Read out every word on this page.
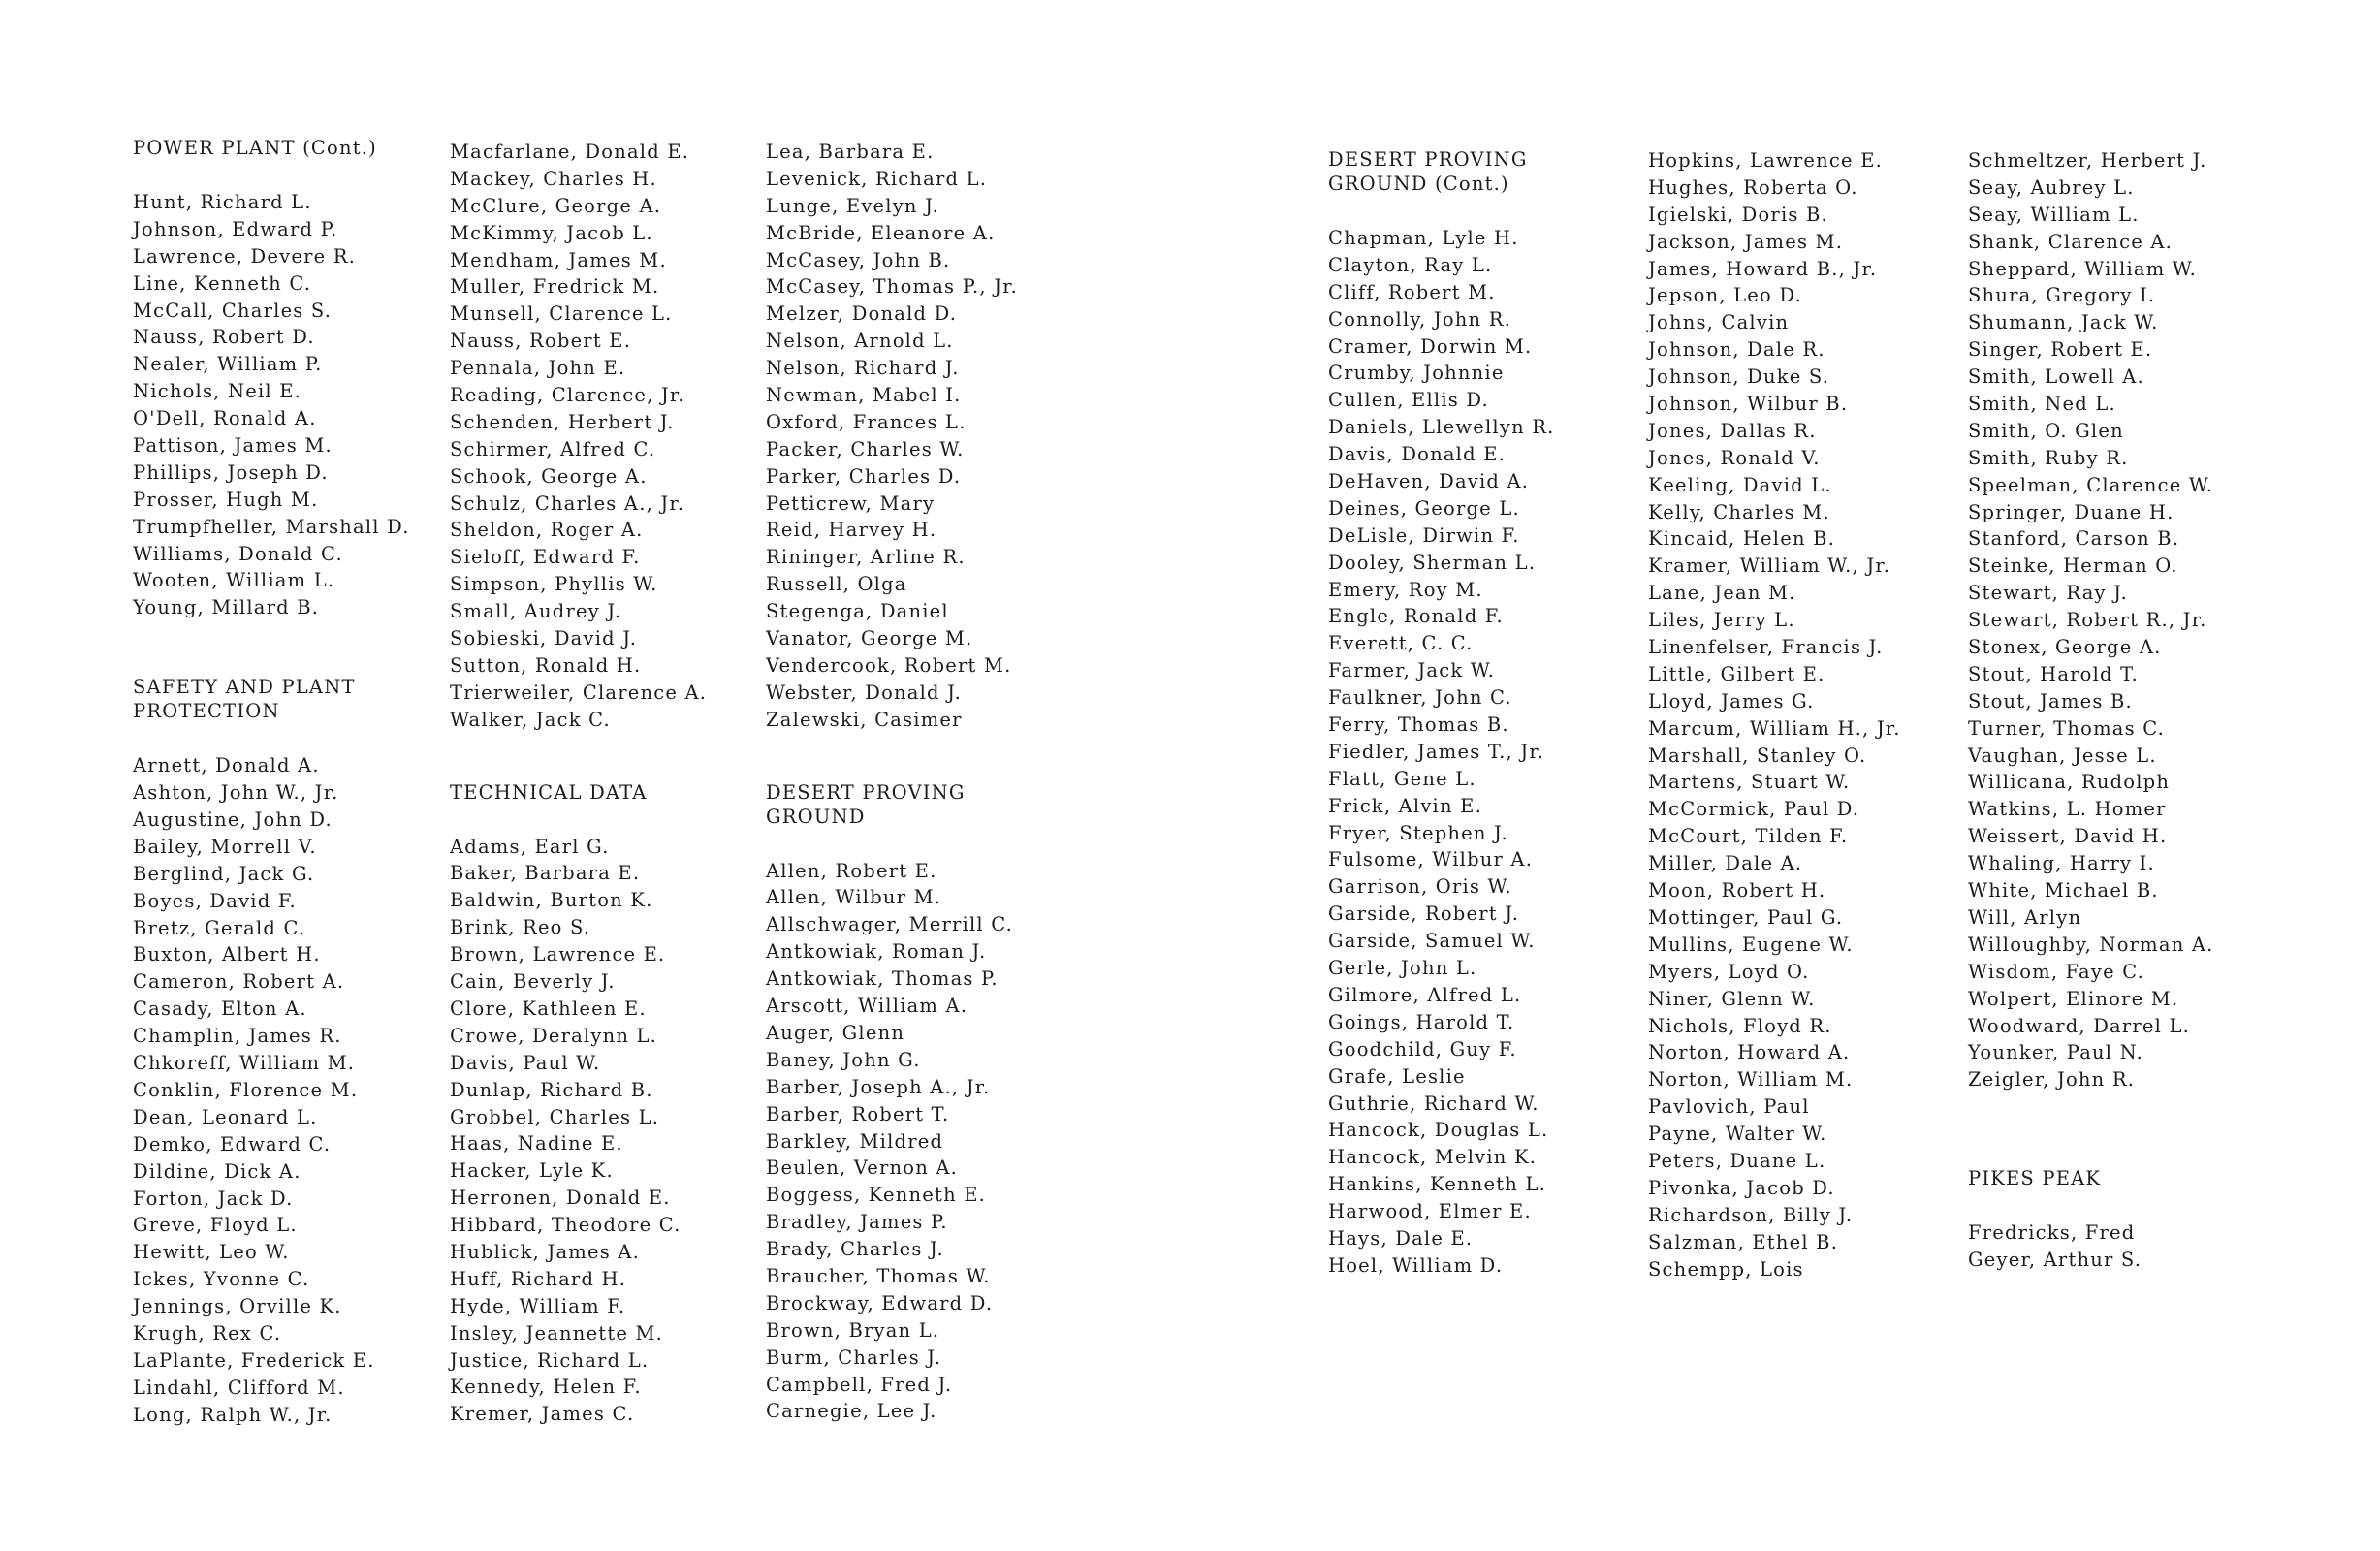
POWER PLANT (Cont.)
Hunt, Richard L.
Johnson, Edward P.
Lawrence, Devere R.
Line, Kenneth C.
McCall, Charles S.
Nauss, Robert D.
Nealer, William P.
Nichols, Neil E.
O'Dell, Ronald A.
Pattison, James M.
Phillips, Joseph D.
Prosser, Hugh M.
Trumpfheller, Marshall D.
Williams, Donald C.
Wooten, William L.
Young, Millard B.
SAFETY AND PLANT
PROTECTION
Arnett, Donald A.
Ashton, John W., Jr.
Augustine, John D.
Bailey, Morrell V.
Berglind, Jack G.
Boyes, David F.
Bretz, Gerald C.
Buxton, Albert H.
Cameron, Robert A.
Casady, Elton A.
Champlin, James R.
Chkoreff, William M.
Conklin, Florence M.
Dean, Leonard L.
Demko, Edward C.
Dildine, Dick A.
Forton, Jack D.
Greve, Floyd L.
Hewitt, Leo W.
Ickes, Yvonne C.
Jennings, Orville K.
Krugh, Rex C.
LaPlante, Frederick E.
Lindahl, Clifford M.
Long, Ralph W., Jr.
Macfarlane, Donald E.
Mackey, Charles H.
McClure, George A.
McKimmy, Jacob L.
Mendham, James M.
Muller, Fredrick M.
Munsell, Clarence L.
Nauss, Robert E.
Pennala, John E.
Reading, Clarence, Jr.
Schenden, Herbert J.
Schirmer, Alfred C.
Schook, George A.
Schulz, Charles A., Jr.
Sheldon, Roger A.
Sieloff, Edward F.
Simpson, Phyllis W.
Small, Audrey J.
Sobieski, David J.
Sutton, Ronald H.
Trierweiler, Clarence A.
Walker, Jack C.
TECHNICAL DATA
Adams, Earl G.
Baker, Barbara E.
Baldwin, Burton K.
Brink, Reo S.
Brown, Lawrence E.
Cain, Beverly J.
Clore, Kathleen E.
Crowe, Deralynn L.
Davis, Paul W.
Dunlap, Richard B.
Grobbel, Charles L.
Haas, Nadine E.
Hacker, Lyle K.
Herronen, Donald E.
Hibbard, Theodore C.
Hublick, James A.
Huff, Richard H.
Hyde, William F.
Insley, Jeannette M.
Justice, Richard L.
Kennedy, Helen F.
Kremer, James C.
Lea, Barbara E.
Levenick, Richard L.
Lunge, Evelyn J.
McBride, Eleanore A.
McCasey, John B.
McCasey, Thomas P., Jr.
Melzer, Donald D.
Nelson, Arnold L.
Nelson, Richard J.
Newman, Mabel I.
Oxford, Frances L.
Packer, Charles W.
Parker, Charles D.
Petticrew, Mary
Reid, Harvey H.
Rininger, Arline R.
Russell, Olga
Stegenga, Daniel
Vanator, George M.
Vendercook, Robert M.
Webster, Donald J.
Zalewski, Casimer
DESERT PROVING
GROUND
Allen, Robert E.
Allen, Wilbur M.
Allschwager, Merrill C.
Antkowiak, Roman J.
Antkowiak, Thomas P.
Arscott, William A.
Auger, Glenn
Baney, John G.
Barber, Joseph A., Jr.
Barber, Robert T.
Barkley, Mildred
Beulen, Vernon A.
Boggess, Kenneth E.
Bradley, James P.
Brady, Charles J.
Braucher, Thomas W.
Brockway, Edward D.
Brown, Bryan L.
Burm, Charles J.
Campbell, Fred J.
Carnegie, Lee J.
DESERT PROVING
GROUND (Cont.)
Chapman, Lyle H.
Clayton, Ray L.
Cliff, Robert M.
Connolly, John R.
Cramer, Dorwin M.
Crumby, Johnnie
Cullen, Ellis D.
Daniels, Llewellyn R.
Davis, Donald E.
DeHaven, David A.
Deines, George L.
DeLisle, Dirwin F.
Dooley, Sherman L.
Emery, Roy M.
Engle, Ronald F.
Everett, C. C.
Farmer, Jack W.
Faulkner, John C.
Ferry, Thomas B.
Fiedler, James T., Jr.
Flatt, Gene L.
Frick, Alvin E.
Fryer, Stephen J.
Fulsome, Wilbur A.
Garrison, Oris W.
Garside, Robert J.
Garside, Samuel W.
Gerle, John L.
Gilmore, Alfred L.
Goings, Harold T.
Goodchild, Guy F.
Grafe, Leslie
Guthrie, Richard W.
Hancock, Douglas L.
Hancock, Melvin K.
Hankins, Kenneth L.
Harwood, Elmer E.
Hays, Dale E.
Hoel, William D.
Hopkins, Lawrence E.
Hughes, Roberta O.
Igielski, Doris B.
Jackson, James M.
James, Howard B., Jr.
Jepson, Leo D.
Johns, Calvin
Johnson, Dale R.
Johnson, Duke S.
Johnson, Wilbur B.
Jones, Dallas R.
Jones, Ronald V.
Keeling, David L.
Kelly, Charles M.
Kincaid, Helen B.
Kramer, William W., Jr.
Lane, Jean M.
Liles, Jerry L.
Linenfelser, Francis J.
Little, Gilbert E.
Lloyd, James G.
Marcum, William H., Jr.
Marshall, Stanley O.
Martens, Stuart W.
McCormick, Paul D.
McCourt, Tilden F.
Miller, Dale A.
Moon, Robert H.
Mottinger, Paul G.
Mullins, Eugene W.
Myers, Loyd O.
Niner, Glenn W.
Nichols, Floyd R.
Norton, Howard A.
Norton, William M.
Pavlovich, Paul
Payne, Walter W.
Peters, Duane L.
Pivonka, Jacob D.
Richardson, Billy J.
Salzman, Ethel B.
Schempp, Lois
Schmeltzer, Herbert J.
Seay, Aubrey L.
Seay, William L.
Shank, Clarence A.
Sheppard, William W.
Shura, Gregory I.
Shumann, Jack W.
Singer, Robert E.
Smith, Lowell A.
Smith, Ned L.
Smith, O. Glen
Smith, Ruby R.
Speelman, Clarence W.
Springer, Duane H.
Stanford, Carson B.
Steinke, Herman O.
Stewart, Ray J.
Stewart, Robert R., Jr.
Stonex, George A.
Stout, Harold T.
Stout, James B.
Turner, Thomas C.
Vaughan, Jesse L.
Willicana, Rudolph
Watkins, L. Homer
Weissert, David H.
Whaling, Harry I.
White, Michael B.
Will, Arlyn
Willoughby, Norman A.
Wisdom, Faye C.
Wolpert, Elinore M.
Woodward, Darrel L.
Younker, Paul N.
Zeigler, John R.
PIKES PEAK
Fredricks, Fred
Geyer, Arthur S.
